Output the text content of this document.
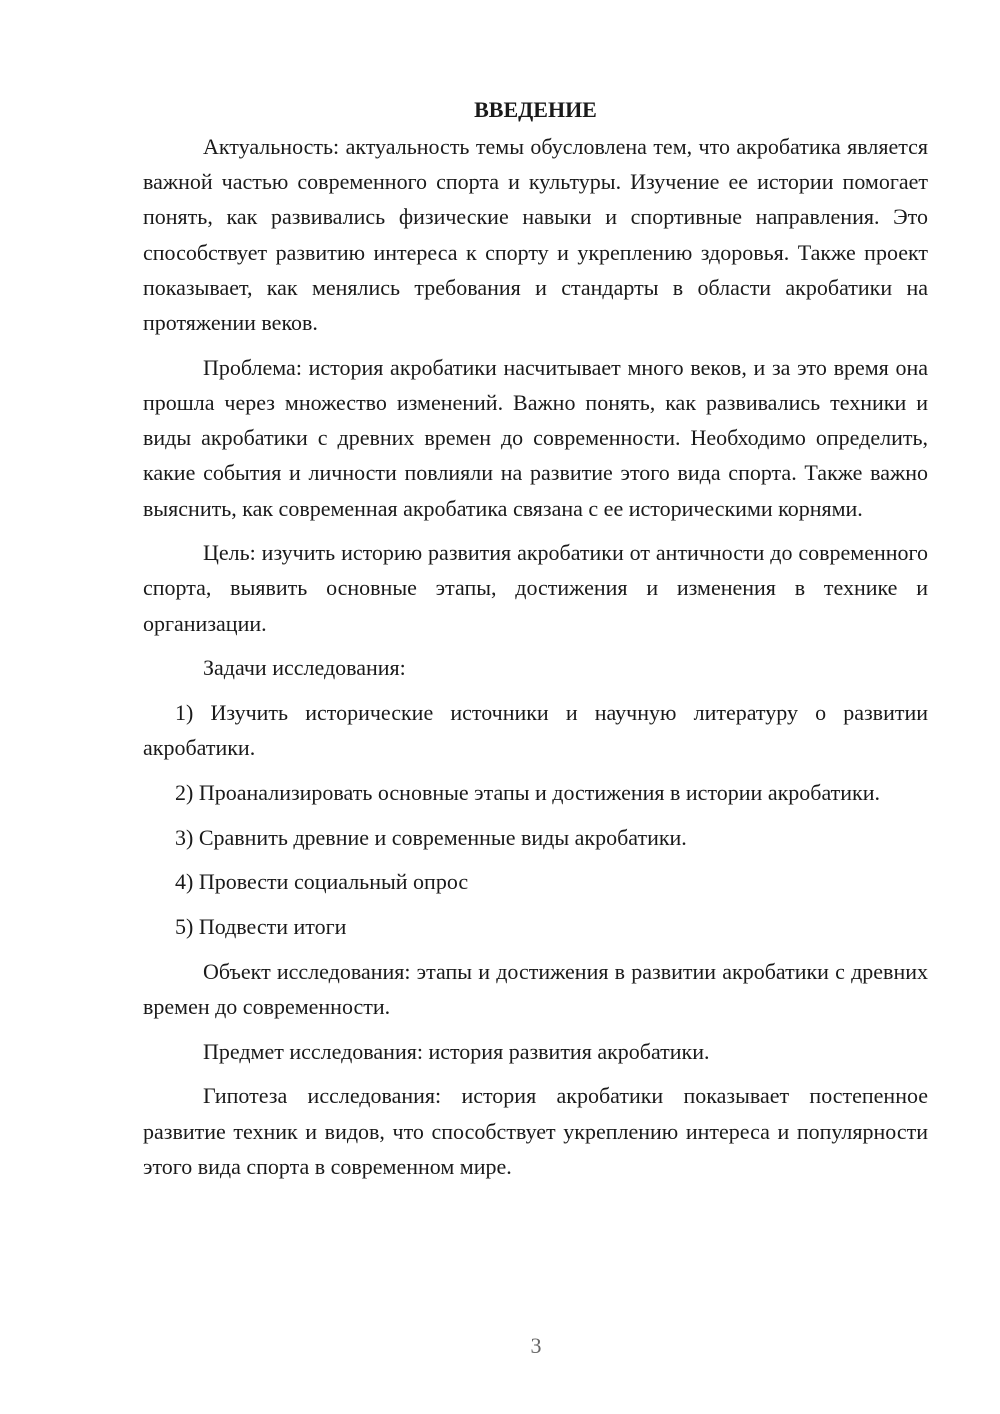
ВВЕДЕНИЕ

Актуальность: актуальность темы обусловлена тем, что акробатика является важной частью современного спорта и культуры. Изучение ее истории помогает понять, как развивались физические навыки и спортивные направления. Это способствует развитию интереса к спорту и укреплению здоровья. Также проект показывает, как менялись требования и стандарты в области акробатики на протяжении веков.

Проблема: история акробатики насчитывает много веков, и за это время она прошла через множество изменений. Важно понять, как развивались техники и виды акробатики с древних времен до современности. Необходимо определить, какие события и личности повлияли на развитие этого вида спорта. Также важно выяснить, как современная акробатика связана с ее историческими корнями.

Цель: изучить историю развития акробатики от античности до современного спорта, выявить основные этапы, достижения и изменения в технике и организации.

Задачи исследования:

1) Изучить исторические источники и научную литературу о развитии акробатики.

2) Проанализировать основные этапы и достижения в истории акробатики.

3) Сравнить древние и современные виды акробатики.

4) Провести социальный опрос

5) Подвести итоги

Объект исследования: этапы и достижения в развитии акробатики с древних времен до современности.

Предмет исследования: история развития акробатики.

Гипотеза исследования: история акробатики показывает постепенное развитие техник и видов, что способствует укреплению интереса и популярности этого вида спорта в современном мире.

3
